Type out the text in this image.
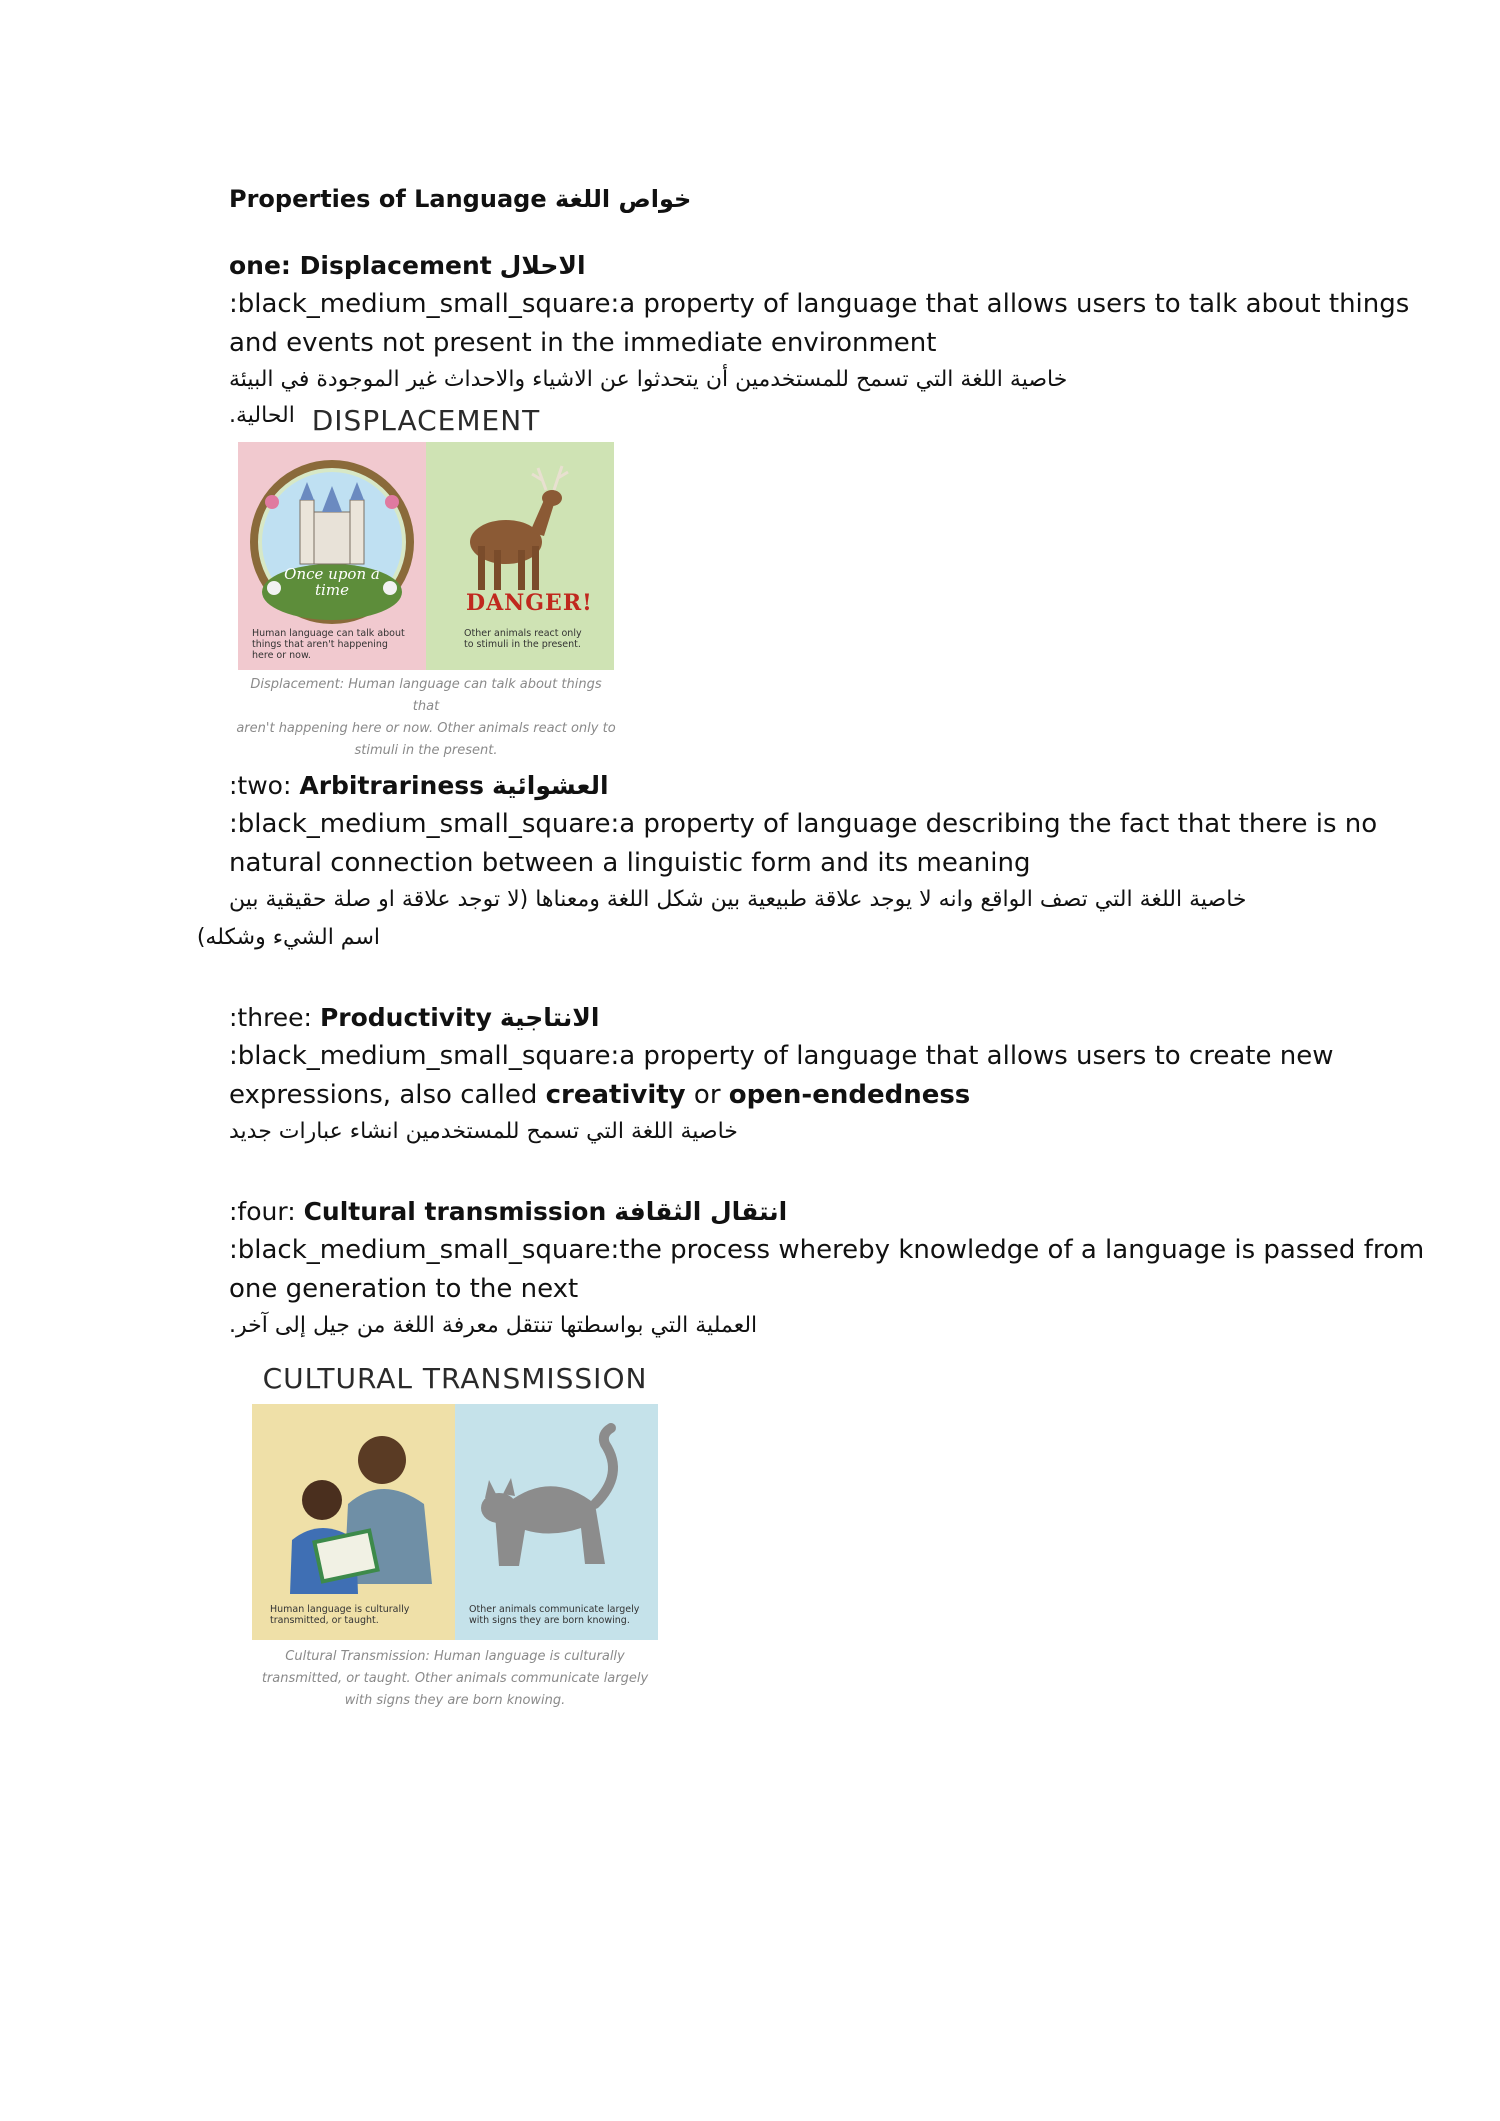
Properties of Language خواص اللغة
one: Displacement الاحلال
:black_medium_small_square:a property of language that allows users to talk about things
and events not present in the immediate environment
خاصية اللغة التي تسمح للمستخدمين أن يتحدثوا عن الاشياء والاحداث غير الموجودة في البيئة الحالية. DISPLACEMENT
Once upon a time
Human language can talk about things that aren't happening here or now.
DANGER!
Other animals react only to stimuli in the present.
Displacement: Human language can talk about things that
aren't happening here or now. Other animals react only to
stimuli in the present.
:two: Arbitrariness العشوائية
:black_medium_small_square:a property of language describing the fact that there is no
natural connection between a linguistic form and its meaning
خاصية اللغة التي تصف الواقع وانه لا يوجد علاقة طبيعية بين شكل اللغة ومعناها (لا توجد علاقة او صلة حقيقية بين
اسم الشيء وشكله)
:three: Productivity الانتاجية
:black_medium_small_square:a property of language that allows users to create new
expressions, also called creativity or open-endedness
خاصية اللغة التي تسمح للمستخدمين انشاء عبارات جديد
:four: Cultural transmission انتقال الثقافة
:black_medium_small_square:the process whereby knowledge of a language is passed from
one generation to the next
العملية التي بواسطتها تنتقل معرفة اللغة من جيل إلى آخر.
CULTURAL TRANSMISSION
Human language is culturally transmitted, or taught.
Other animals communicate largely with signs they are born knowing.
Cultural Transmission: Human language is culturally
transmitted, or taught. Other animals communicate largely
with signs they are born knowing.
